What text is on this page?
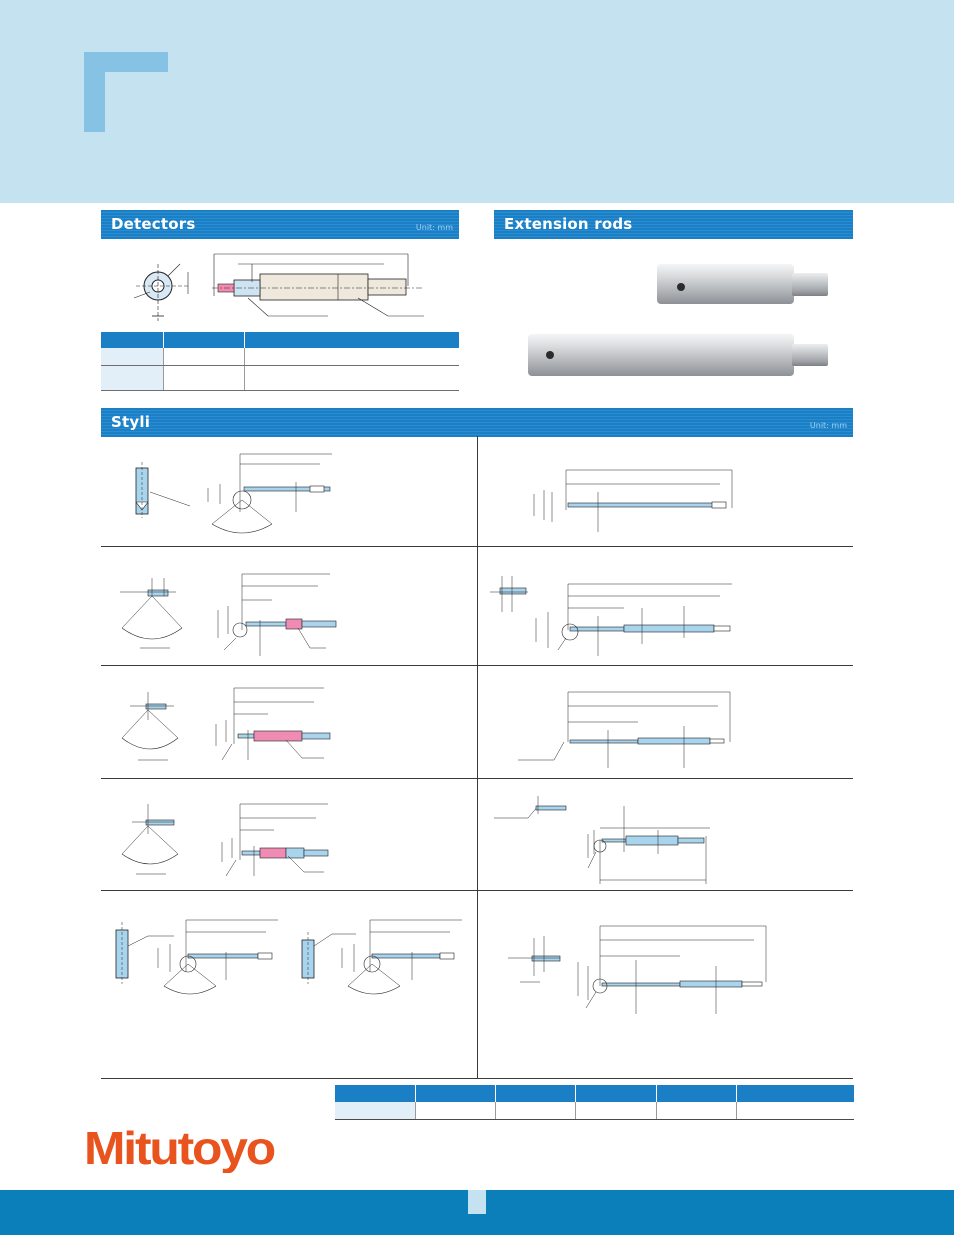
Detectors	Unit: mm

			Extension rods
Styli	Unit: mm

Mitutoyo
